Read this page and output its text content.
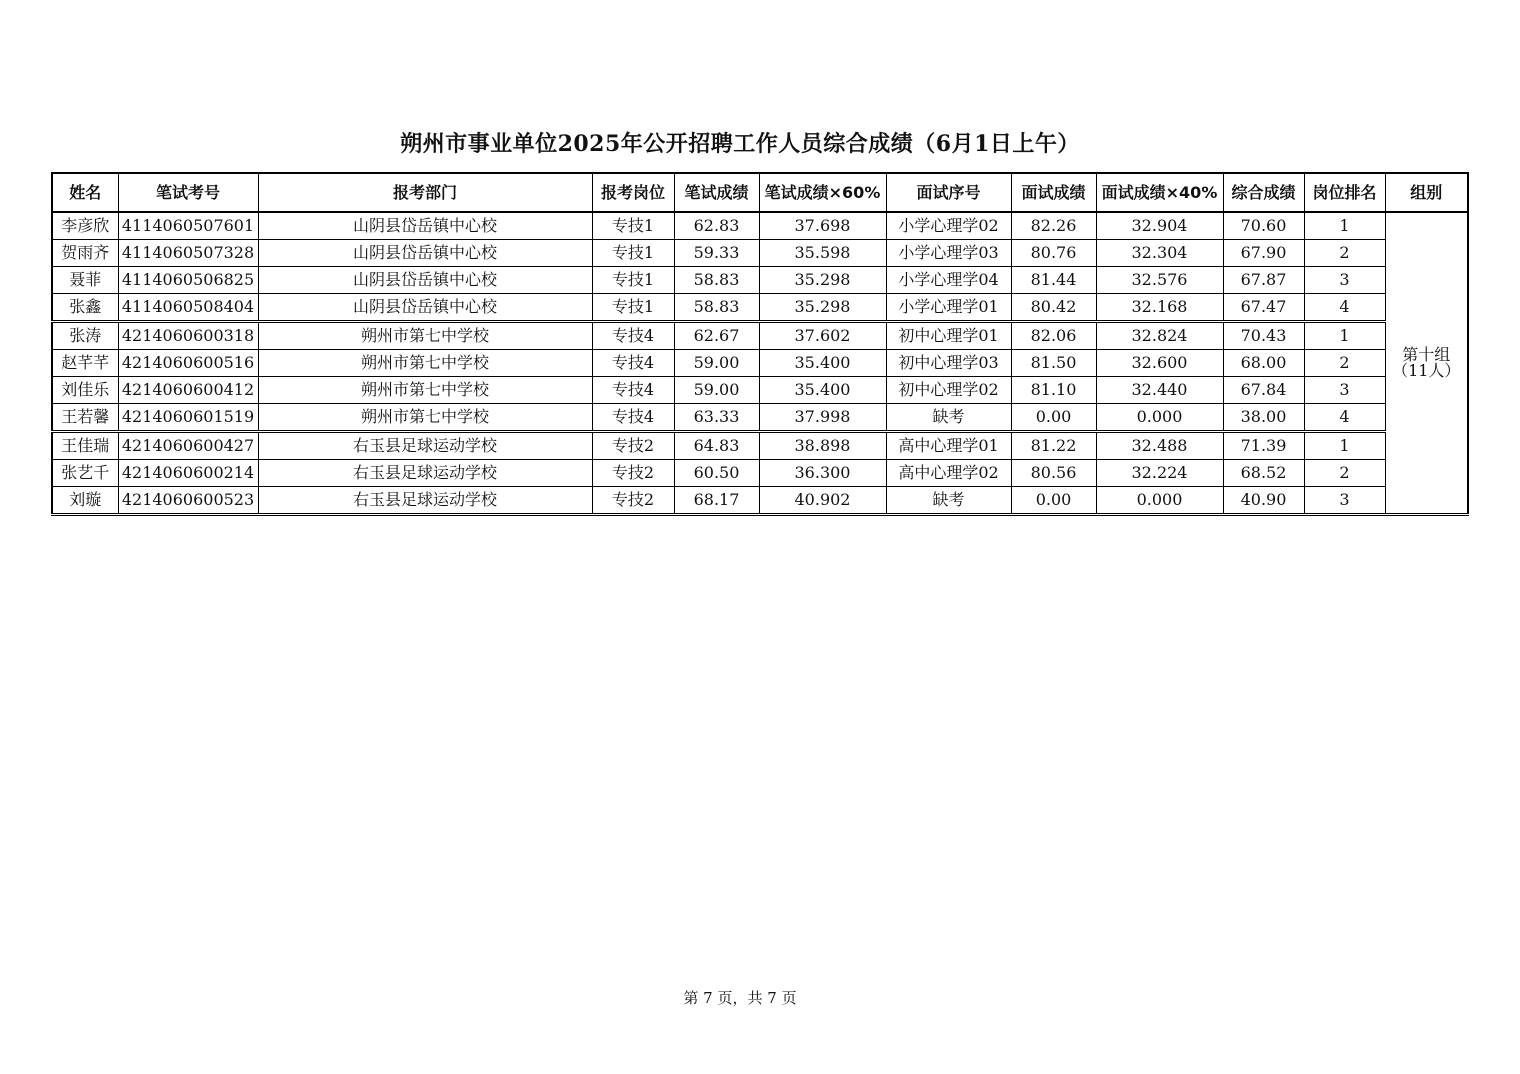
朔州市事业单位2025年公开招聘工作人员综合成绩（6月1日上午）
姓名	笔试考号	报考部门	报考岗位	笔试成绩	笔试成绩×60%	面试序号	面试成绩	面试成绩×40%	综合成绩	岗位排名	组别
李彦欣	4114060507601	山阴县岱岳镇中心校	专技1	62.83	37.698	小学心理学02	82.26	32.904	70.60	1	第十组
（11人）

贺雨齐	4114060507328	山阴县岱岳镇中心校	专技1	59.33	35.598	小学心理学03	80.76	32.304	67.90	2	
聂菲	4114060506825	山阴县岱岳镇中心校	专技1	58.83	35.298	小学心理学04	81.44	32.576	67.87	3	
张鑫	4114060508404	山阴县岱岳镇中心校	专技1	58.83	35.298	小学心理学01	80.42	32.168	67.47	4	
张涛	4214060600318	朔州市第七中学校	专技4	62.67	37.602	初中心理学01	82.06	32.824	70.43	1	
赵芊芊	4214060600516	朔州市第七中学校	专技4	59.00	35.400	初中心理学03	81.50	32.600	68.00	2	
刘佳乐	4214060600412	朔州市第七中学校	专技4	59.00	35.400	初中心理学02	81.10	32.440	67.84	3	
王若馨	4214060601519	朔州市第七中学校	专技4	63.33	37.998	缺考	0.00	0.000	38.00	4	
王佳瑞	4214060600427	右玉县足球运动学校	专技2	64.83	38.898	高中心理学01	81.22	32.488	71.39	1	
张艺千	4214060600214	右玉县足球运动学校	专技2	60.50	36.300	高中心理学02	80.56	32.224	68.52	2	
刘璇	4214060600523	右玉县足球运动学校	专技2	68.17	40.902	缺考	0.00	0.000	40.90	3	
第 7 页，共 7 页
